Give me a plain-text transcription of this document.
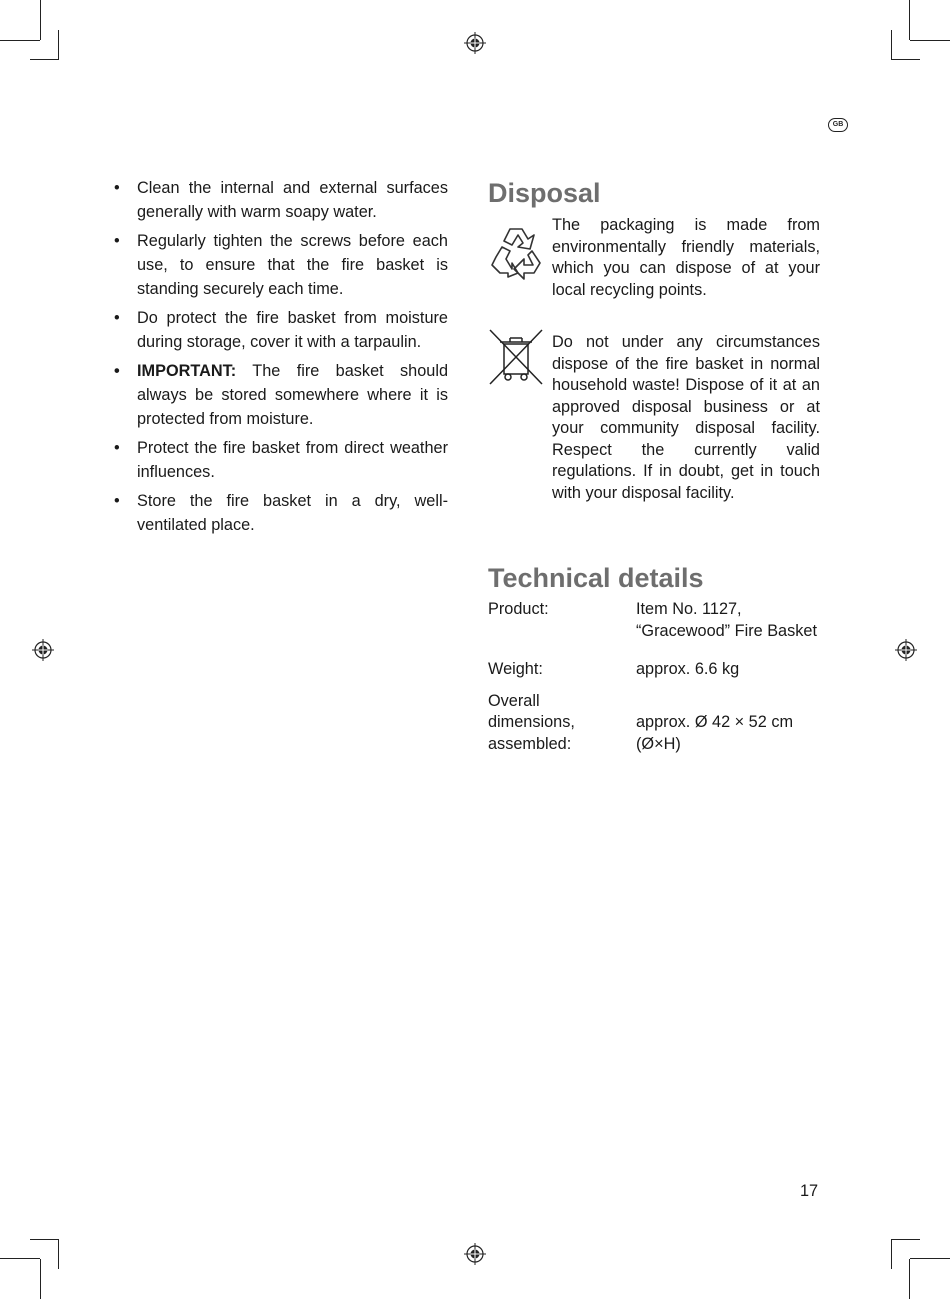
GB
• Clean the internal and external surfaces generally with warm soapy water.
• Regularly tighten the screws before each use, to ensure that the fire basket is standing securely each time.
• Do protect the fire basket from moisture during storage, cover it with a tarpaulin.
• IMPORTANT: The fire basket should always be stored somewhere where it is protected from moisture.
• Protect the fire basket from direct weather influences.
• Store the fire basket in a dry, well-ventilated place.
Disposal
The packaging is made from environmentally friendly materials, which you can dispose of at your local recycling points.
Do not under any circumstances dispose of the fire basket in normal household waste! Dispose of it at an approved disposal business or at your community disposal facility. Respect the currently valid regulations. If in doubt, get in touch with your disposal facility.
Technical details
Product:	Item No. 1127, “Gracewood” Fire Basket
Weight:	approx. 6.6 kg
Overall dimensions, assembled:
approx. Ø 42 × 52 cm (Ø×H)
17
